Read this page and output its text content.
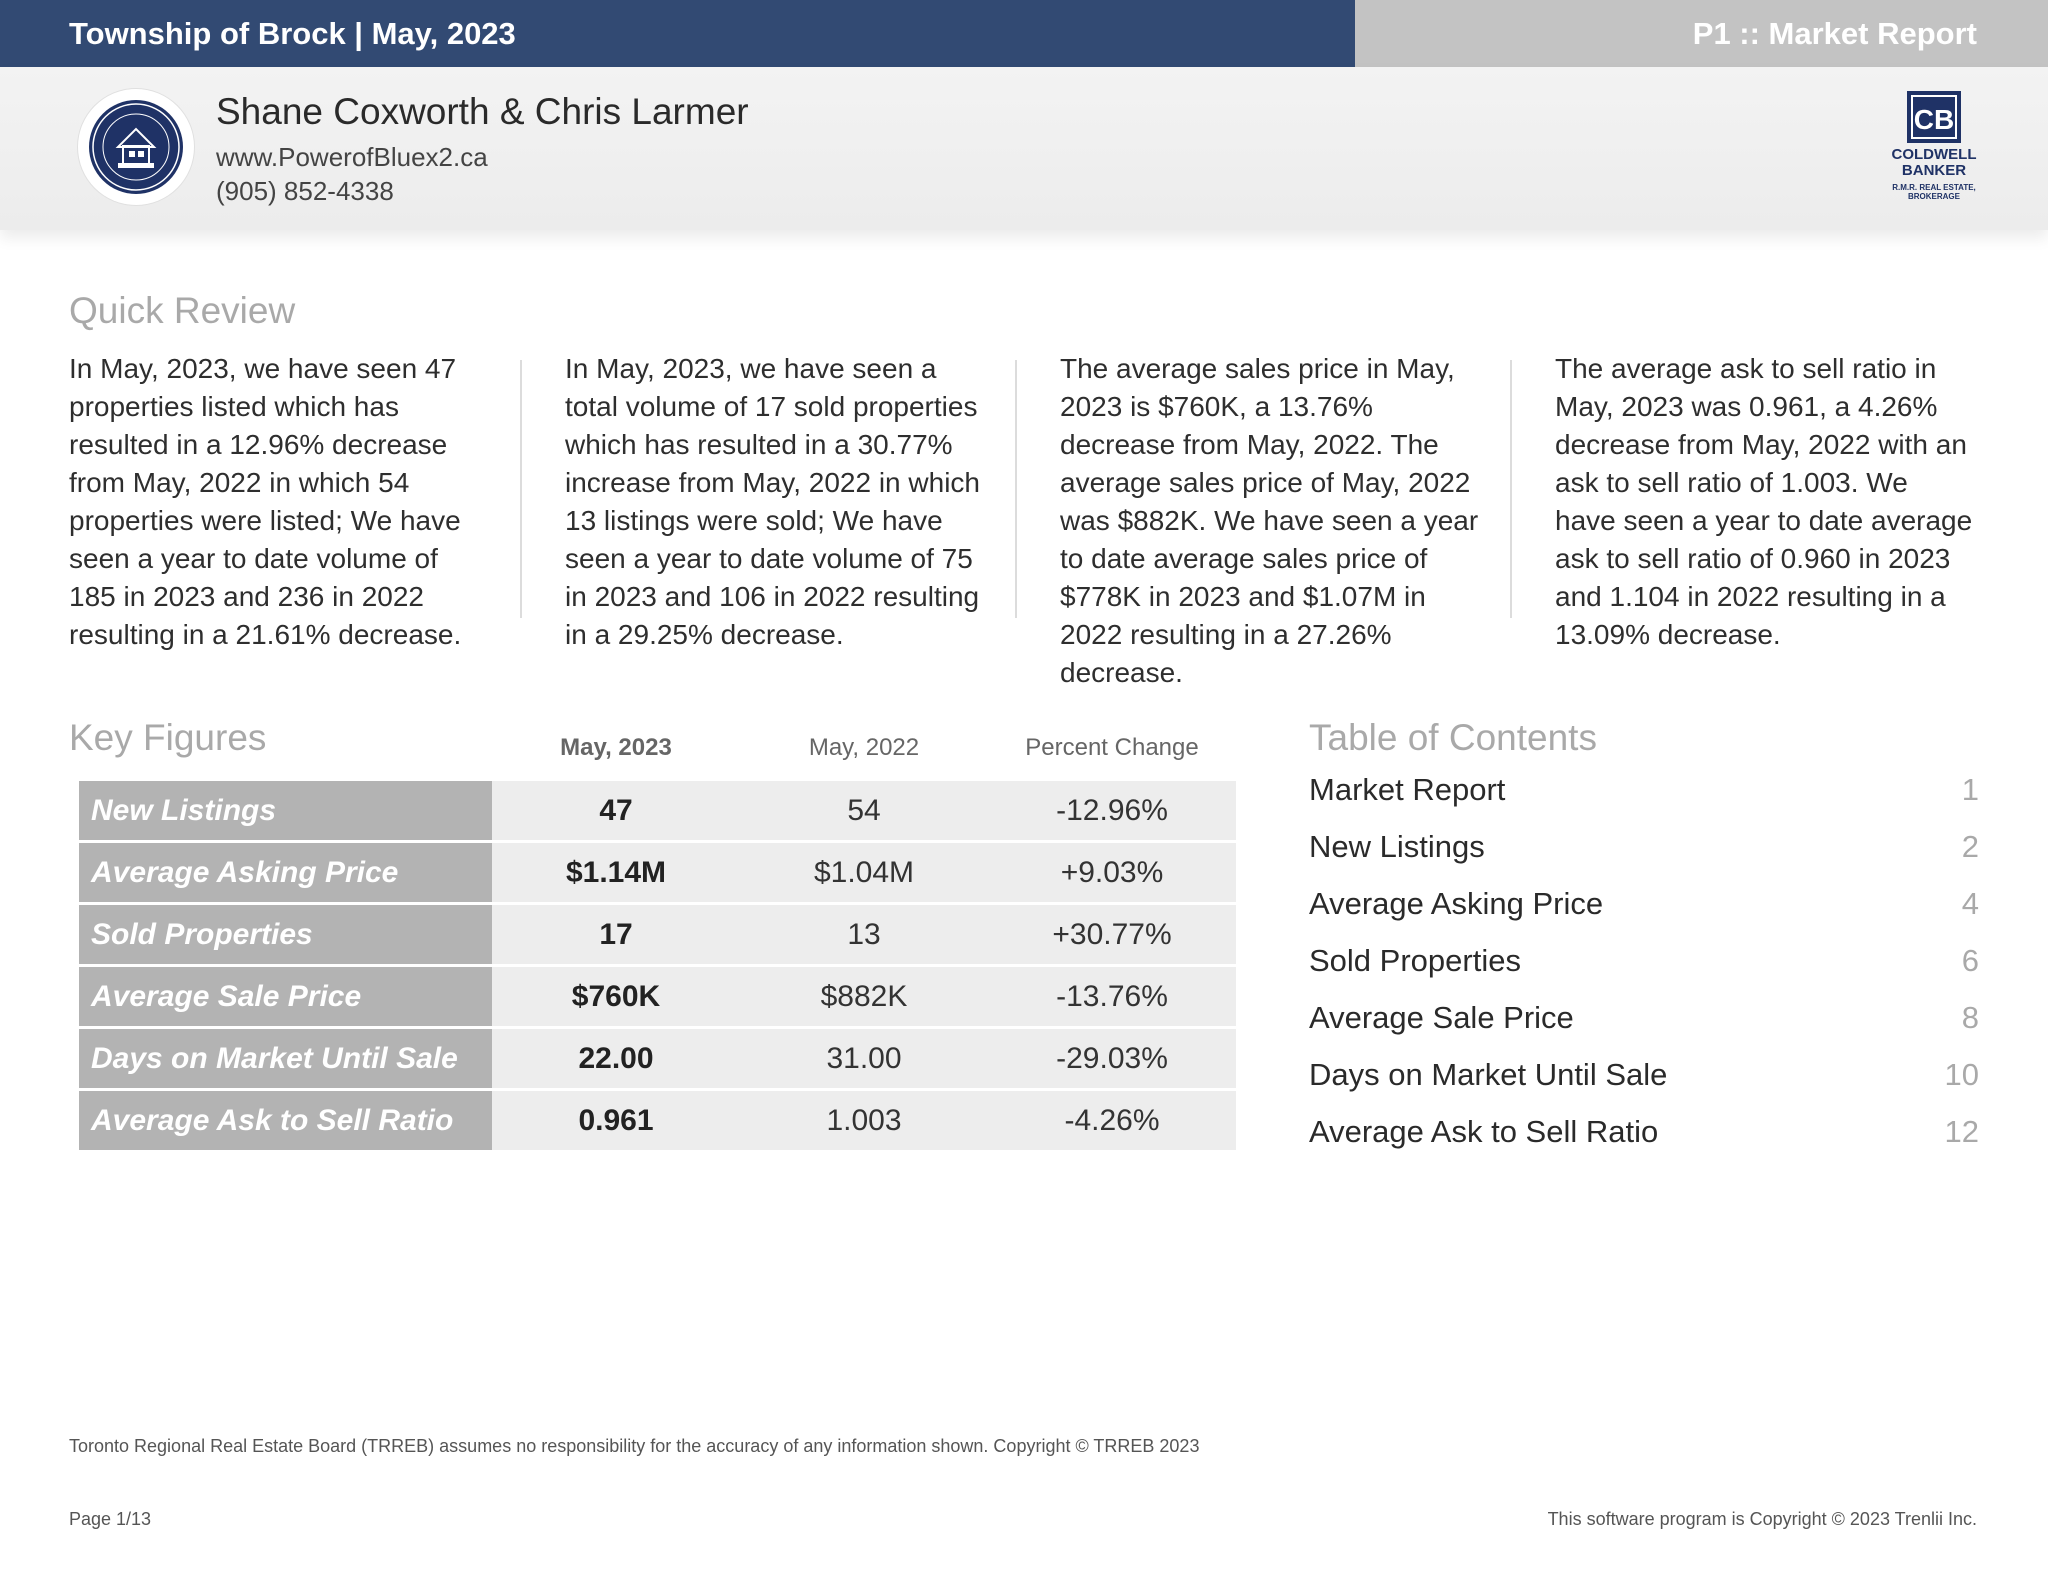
Township of Brock | May, 2023	P1 :: Market Report
Shane Coxworth & Chris Larmer
www.PowerofBluex2.ca
(905) 852-4338
CB
COLDWELL
BANKER
R.M.R. REAL ESTATE,
BROKERAGE
Quick Review
In May, 2023, we have seen 47 properties listed which has resulted in a 12.96% decrease from May, 2022 in which 54 properties were listed; We have seen a year to date volume of 185 in 2023 and 236 in 2022 resulting in a 21.61% decrease.
In May, 2023, we have seen a total volume of 17 sold properties which has resulted in a 30.77% increase from May, 2022 in which 13 listings were sold; We have seen a year to date volume of 75 in 2023 and 106 in 2022 resulting in a 29.25% decrease.
The average sales price in May, 2023 is $760K, a 13.76% decrease from May, 2022. The average sales price of May, 2022 was $882K. We have seen a year to date average sales price of $778K in 2023 and $1.07M in 2022 resulting in a 27.26% decrease.
The average ask to sell ratio in May, 2023 was 0.961, a 4.26% decrease from May, 2022 with an ask to sell ratio of 1.003. We have seen a year to date average ask to sell ratio of 0.960 in 2023 and 1.104 in 2022 resulting in a 13.09% decrease.
Key Figures	May, 2023	May, 2022	Percent Change
New Listings	47	54	-12.96%
Average Asking Price	$1.14M	$1.04M	+9.03%
Sold Properties	17	13	+30.77%
Average Sale Price	$760K	$882K	-13.76%
Days on Market Until Sale	22.00	31.00	-29.03%
Average Ask to Sell Ratio	0.961	1.003	-4.26%
Table of Contents
Market Report	1
New Listings	2
Average Asking Price	4
Sold Properties	6
Average Sale Price	8
Days on Market Until Sale	10
Average Ask to Sell Ratio	12
Toronto Regional Real Estate Board (TRREB) assumes no responsibility for the accuracy of any information shown. Copyright © TRREB 2023
Page 1/13	This software program is Copyright © 2023 Trenlii Inc.
